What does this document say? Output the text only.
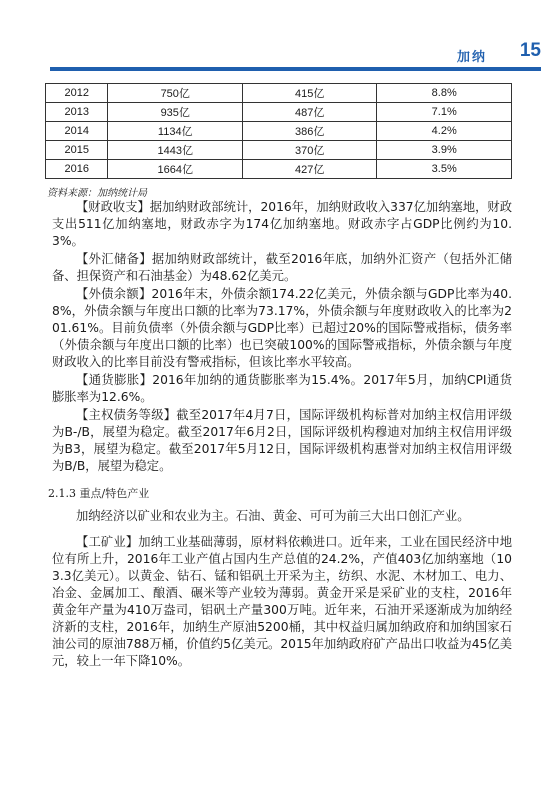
加纳 15
2012	750亿	415亿	8.8%
2013	935亿	487亿	7.1%
2014	1134亿	386亿	4.2%
2015	1443亿	370亿	3.9%
2016	1664亿	427亿	3.5%
资料来源：加纳统计局

【财政收支】据加纳财政部统计，2016年，加纳财政收入337亿加纳塞地，财政支出511亿加纳塞地，财政赤字为174亿加纳塞地。财政赤字占GDP比例约为10.3%。

【外汇储备】据加纳财政部统计，截至2016年底，加纳外汇资产（包括外汇储备、担保资产和石油基金）为48.62亿美元。

【外债余额】2016年末，外债余额174.22亿美元，外债余额与GDP比率为40.8%，外债余额与年度出口额的比率为73.17%，外债余额与年度财政收入的比率为201.61%。目前负债率（外债余额与GDP比率）已超过20%的国际警戒指标，债务率（外债余额与年度出口额的比率）也已突破100%的国际警戒指标，外债余额与年度财政收入的比率目前没有警戒指标，但该比率水平较高。

【通货膨胀】2016年加纳的通货膨胀率为15.4%。2017年5月，加纳CPI通货膨胀率为12.6%。

【主权债务等级】截至2017年4月7日，国际评级机构标普对加纳主权信用评级为B-/B，展望为稳定。截至2017年6月2日，国际评级机构穆迪对加纳主权信用评级为B3，展望为稳定。截至2017年5月12日，国际评级机构惠誉对加纳主权信用评级为B/B，展望为稳定。

2.1.3 重点/特色产业

加纳经济以矿业和农业为主。石油、黄金、可可为前三大出口创汇产业。

【工矿业】加纳工业基础薄弱，原材料依赖进口。近年来，工业在国民经济中地位有所上升，2016年工业产值占国内生产总值的24.2%，产值403亿加纳塞地（103.3亿美元）。以黄金、钻石、锰和铝矾土开采为主，纺织、水泥、木材加工、电力、冶金、金属加工、酿酒、碾米等产业较为薄弱。黄金开采是采矿业的支柱，2016年黄金年产量为410万盎司，铝矾土产量300万吨。近年来，石油开采逐渐成为加纳经济新的支柱，2016年，加纳生产原油5200桶，其中权益归属加纳政府和加纳国家石油公司的原油788万桶，价值约5亿美元。2015年加纳政府矿产品出口收益为45亿美元，较上一年下降10%。
